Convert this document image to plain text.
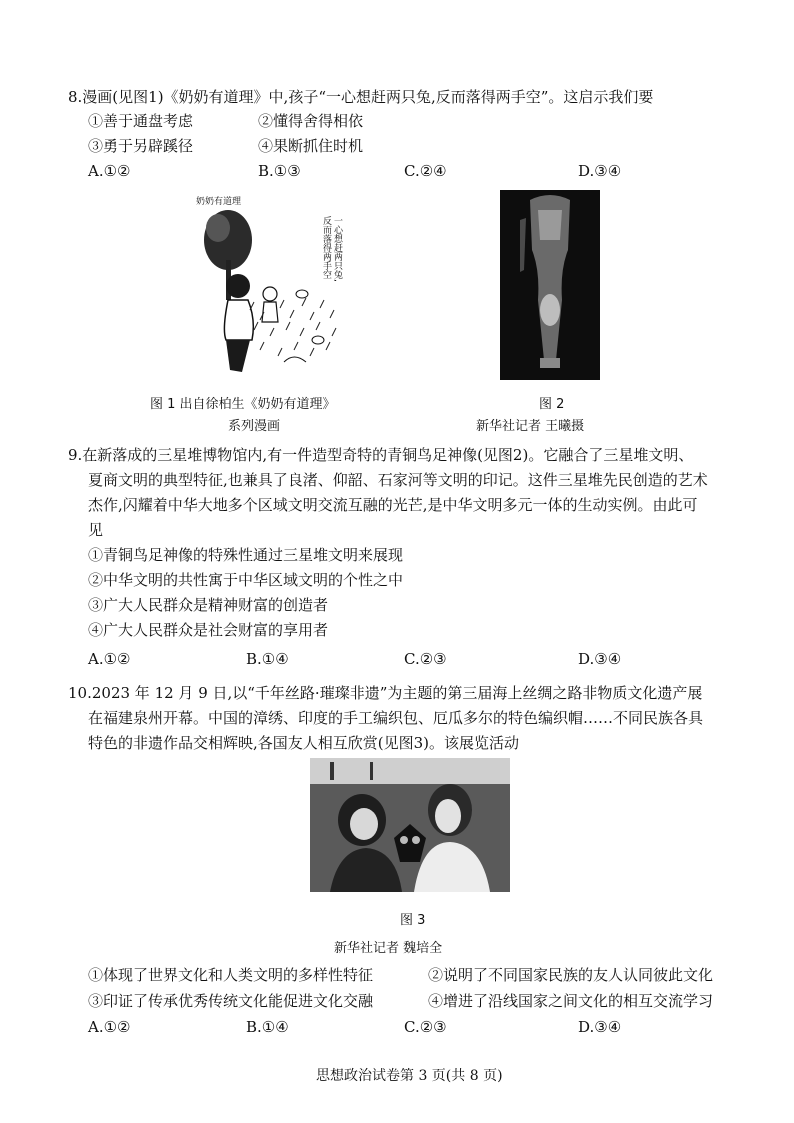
8.漫画(见图1)《奶奶有道理》中,孩子“一心想赶两只兔,反而落得两手空”。这启示我们要
①善于通盘考虑	②懂得舍得相依
③勇于另辟蹊径	④果断抓住时机
A.①②	B.①③	C.②④	D.③④
奶奶有道理
一心想赶两只兔,反而落得两手空
图 1 出自徐柏生《奶奶有道理》
系列漫画
图 2
新华社记者 王曦摄
9.在新落成的三星堆博物馆内,有一件造型奇特的青铜鸟足神像(见图2)。它融合了三星堆文明、
夏商文明的典型特征,也兼具了良渚、仰韶、石家河等文明的印记。这件三星堆先民创造的艺术
杰作,闪耀着中华大地多个区域文明交流互融的光芒,是中华文明多元一体的生动实例。由此可
见
①青铜鸟足神像的特殊性通过三星堆文明来展现
②中华文明的共性寓于中华区域文明的个性之中
③广大人民群众是精神财富的创造者
④广大人民群众是社会财富的享用者
A.①②	B.①④	C.②③	D.③④
10.2023 年 12 月 9 日,以“千年丝路·璀璨非遗”为主题的第三届海上丝绸之路非物质文化遗产展
在福建泉州开幕。中国的漳绣、印度的手工编织包、厄瓜多尔的特色编织帽……不同民族各具
特色的非遗作品交相辉映,各国友人相互欣赏(见图3)。该展览活动
图 3
新华社记者 魏培全
①体现了世界文化和人类文明的多样性特征	②说明了不同国家民族的友人认同彼此文化
③印证了传承优秀传统文化能促进文化交融	④增进了沿线国家之间文化的相互交流学习
A.①②	B.①④	C.②③	D.③④
思想政治试卷第 3 页(共 8 页)
